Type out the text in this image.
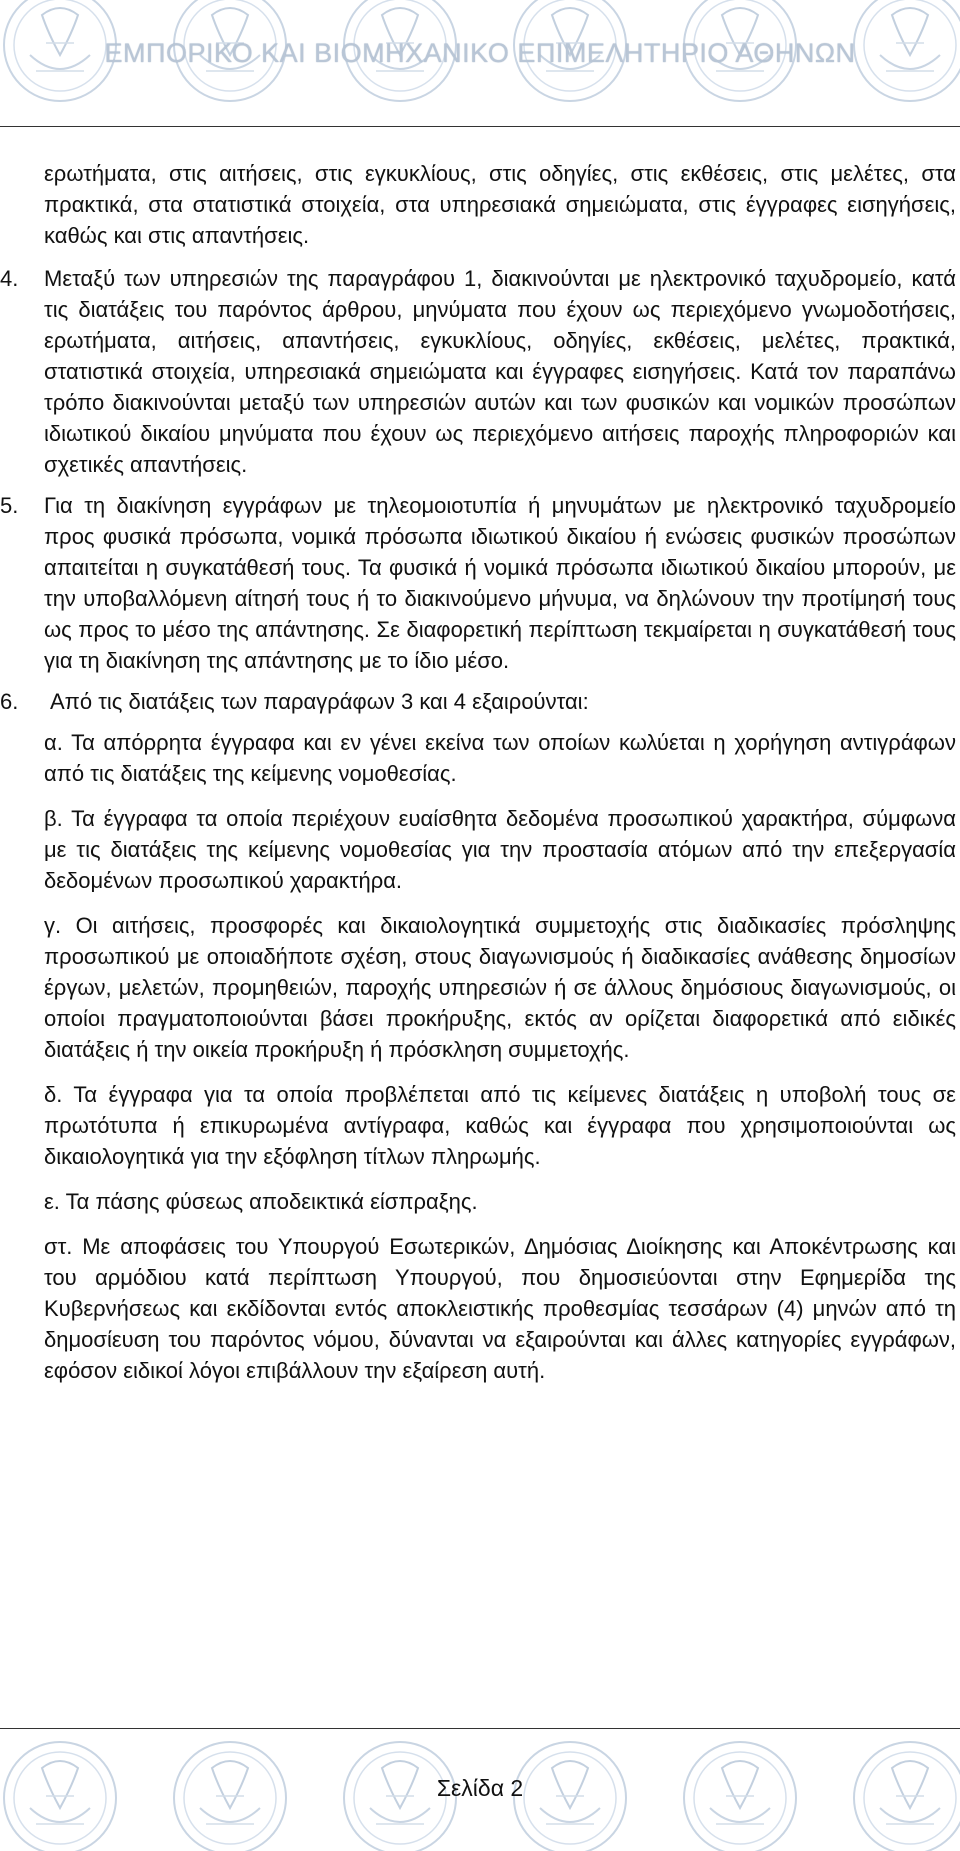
ΕΜΠΟΡΙΚΟ ΚΑΙ ΒΙΟΜΗΧΑΝΙΚΟ ΕΠΙΜΕΛΗΤΗΡΙΟ ΑΘΗΝΩΝ

ερωτήματα, στις αιτήσεις, στις εγκυκλίους, στις οδηγίες, στις εκθέσεις, στις μελέτες, στα πρακτικά, στα στατιστικά στοιχεία, στα υπηρεσιακά σημειώματα, στις έγγραφες εισηγήσεις, καθώς και στις απαντήσεις.

4.	Μεταξύ των υπηρεσιών της παραγράφου 1, διακινούνται με ηλεκτρονικό ταχυδρομείο, κατά τις διατάξεις του παρόντος άρθρου, μηνύματα που έχουν ως περιεχόμενο γνωμοδοτήσεις, ερωτήματα, αιτήσεις, απαντήσεις, εγκυκλίους, οδηγίες, εκθέσεις, μελέτες, πρακτικά, στατιστικά στοιχεία, υπηρεσιακά σημειώματα και έγγραφες εισηγήσεις. Κατά τον παραπάνω τρόπο διακινούνται μεταξύ των υπηρεσιών αυτών και των φυσικών και νομικών προσώπων ιδιωτικού δικαίου μηνύματα που έχουν ως περιεχόμενο αιτήσεις παροχής πληροφοριών και σχετικές απαντήσεις.
5.	Για τη διακίνηση εγγράφων με τηλεομοιοτυπία ή μηνυμάτων με ηλεκτρονικό ταχυδρομείο προς φυσικά πρόσωπα, νομικά πρόσωπα ιδιωτικού δικαίου ή ενώσεις φυσικών προσώπων απαιτείται η συγκατάθεσή τους. Τα φυσικά ή νομικά πρόσωπα ιδιωτικού δικαίου μπορούν, με την υποβαλλόμενη αίτησή τους ή το διακινούμενο μήνυμα, να δηλώνουν την προτίμησή τους ως προς το μέσο της απάντησης. Σε διαφορετική περίπτωση τεκμαίρεται η συγκατάθεσή τους για τη διακίνηση της απάντησης με το ίδιο μέσο.
6.	Από τις διατάξεις των παραγράφων 3 και 4 εξαιρούνται:

α. Τα απόρρητα έγγραφα και εν γένει εκείνα των οποίων κωλύεται η χορήγηση αντιγράφων από τις διατάξεις της κείμενης νομοθεσίας.

β. Τα έγγραφα τα οποία περιέχουν ευαίσθητα δεδομένα προσωπικού χαρακτήρα, σύμφωνα με τις διατάξεις της κείμενης νομοθεσίας για την προστασία ατόμων από την επεξεργασία δεδομένων προσωπικού χαρακτήρα.

γ. Οι αιτήσεις, προσφορές και δικαιολογητικά συμμετοχής στις διαδικασίες πρόσληψης προσωπικού με οποιαδήποτε σχέση, στους διαγωνισμούς ή διαδικασίες ανάθεσης δημοσίων έργων, μελετών, προμηθειών, παροχής υπηρεσιών ή σε άλλους δημόσιους διαγωνισμούς, οι οποίοι πραγματοποιούνται βάσει προκήρυξης, εκτός αν ορίζεται διαφορετικά από ειδικές διατάξεις ή την οικεία προκήρυξη ή πρόσκληση συμμετοχής.

δ. Τα έγγραφα για τα οποία προβλέπεται από τις κείμενες διατάξεις η υποβολή τους σε πρωτότυπα ή επικυρωμένα αντίγραφα, καθώς και έγγραφα που χρησιμοποιούνται ως δικαιολογητικά για την εξόφληση τίτλων πληρωμής.

ε. Τα πάσης φύσεως αποδεικτικά είσπραξης.

στ. Με αποφάσεις του Υπουργού Εσωτερικών, Δημόσιας Διοίκησης και Αποκέντρωσης και του αρμόδιου κατά περίπτωση Υπουργού, που δημοσιεύονται στην Εφημερίδα της Κυβερνήσεως και εκδίδονται εντός αποκλειστικής προθεσμίας τεσσάρων (4) μηνών από τη δημοσίευση του παρόντος νόμου, δύνανται να εξαιρούνται και άλλες κατηγορίες εγγράφων, εφόσον ειδικοί λόγοι επιβάλλουν την εξαίρεση αυτή.

Σελίδα 2
